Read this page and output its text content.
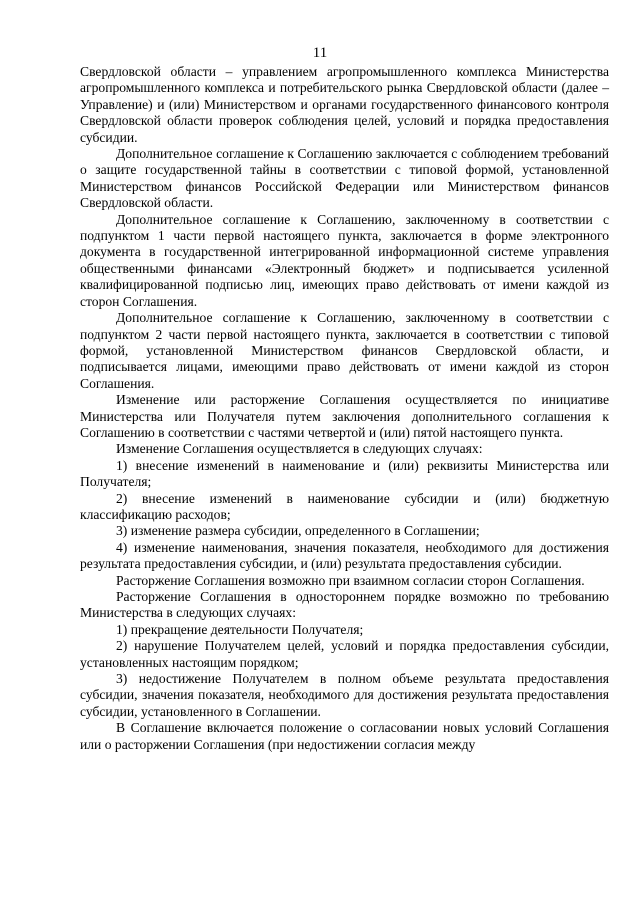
11

Свердловской области – управлением агропромышленного комплекса Министерства агропромышленного комплекса и потребительского рынка Свердловской области (далее – Управление) и (или) Министерством и органами государственного финансового контроля Свердловской области проверок соблюдения целей, условий и порядка предоставления субсидии.

Дополнительное соглашение к Соглашению заключается с соблюдением требований о защите государственной тайны в соответствии с типовой формой, установленной Министерством финансов Российской Федерации или Министерством финансов Свердловской области.

Дополнительное соглашение к Соглашению, заключенному в соответствии с подпунктом 1 части первой настоящего пункта, заключается в форме электронного документа в государственной интегрированной информационной системе управления общественными финансами «Электронный бюджет» и подписывается усиленной квалифицированной подписью лиц, имеющих право действовать от имени каждой из сторон Соглашения.

Дополнительное соглашение к Соглашению, заключенному в соответствии с подпунктом 2 части первой настоящего пункта, заключается в соответствии с типовой формой, установленной Министерством финансов Свердловской области, и подписывается лицами, имеющими право действовать от имени каждой из сторон Соглашения.

Изменение или расторжение Соглашения осуществляется по инициативе Министерства или Получателя путем заключения дополнительного соглашения к Соглашению в соответствии с частями четвертой и (или) пятой настоящего пункта.

Изменение Соглашения осуществляется в следующих случаях:

1) внесение изменений в наименование и (или) реквизиты Министерства или Получателя;

2) внесение изменений в наименование субсидии и (или) бюджетную классификацию расходов;

3) изменение размера субсидии, определенного в Соглашении;

4) изменение наименования, значения показателя, необходимого для достижения результата предоставления субсидии, и (или) результата предоставления субсидии.

Расторжение Соглашения возможно при взаимном согласии сторон Соглашения.

Расторжение Соглашения в одностороннем порядке возможно по требованию Министерства в следующих случаях:

1) прекращение деятельности Получателя;

2) нарушение Получателем целей, условий и порядка предоставления субсидии, установленных настоящим порядком;

3) недостижение Получателем в полном объеме результата предоставления субсидии, значения показателя, необходимого для достижения результата предоставления субсидии, установленного в Соглашении.

В Соглашение включается положение о согласовании новых условий Соглашения или о расторжении Соглашения (при недостижении согласия между
